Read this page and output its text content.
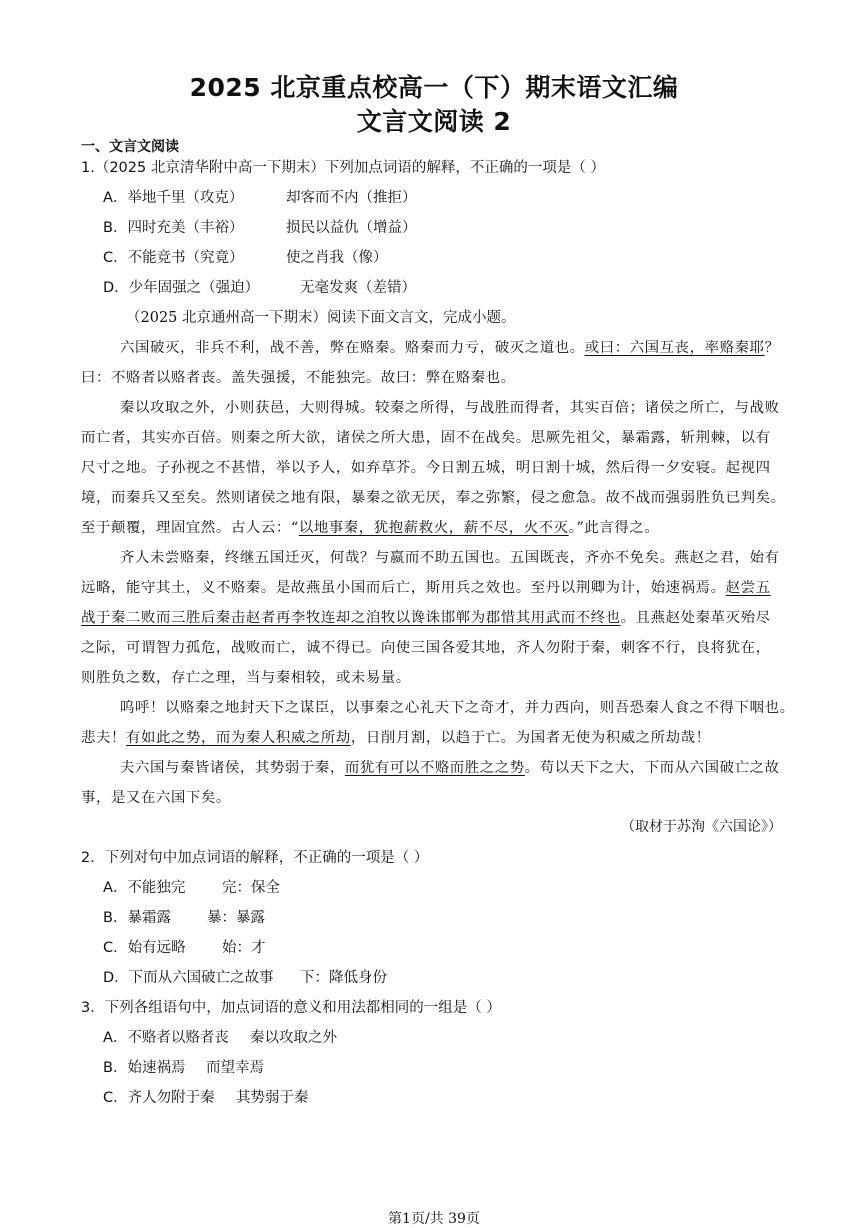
2025 北京重点校高一（下）期末语文汇编
文言文阅读 2
一、文言文阅读
1.（2025 北京清华附中高一下期末）下列加点词语的解释，不正确的一项是（ ）
A．举地千里（攻克）	却客而不内（推拒）
B．四时充美（丰裕）	损民以益仇（增益）
C．不能竞书（究竟）	使之肖我（像）
D．少年固强之（强迫）	无毫发爽（差错）
（2025 北京通州高一下期末）阅读下面文言文，完成小题。
六国破灭，非兵不利，战不善，弊在赂秦。赂秦而力亏，破灭之道也。或曰：六国互丧，率赂秦耶？
曰：不赂者以赂者丧。盖失强援，不能独完。故曰：弊在赂秦也。
秦以攻取之外，小则获邑，大则得城。较秦之所得，与战胜而得者，其实百倍；诸侯之所亡，与战败
而亡者，其实亦百倍。则秦之所大欲，诸侯之所大患，固不在战矣。思厥先祖父，暴霜露，斩荆棘，以有
尺寸之地。子孙视之不甚惜，举以予人，如弃草芥。今日割五城，明日割十城，然后得一夕安寝。起视四
境，而秦兵又至矣。然则诸侯之地有限，暴秦之欲无厌，奉之弥繁，侵之愈急。故不战而强弱胜负已判矣。
至于颠覆，理固宜然。古人云：“以地事秦，犹抱薪救火，薪不尽，火不灭。”此言得之。
齐人未尝赂秦，终继五国迁灭，何哉？与嬴而不助五国也。五国既丧，齐亦不免矣。燕赵之君，始有
远略，能守其土，义不赂秦。是故燕虽小国而后亡，斯用兵之效也。至丹以荆卿为计，始速祸焉。赵尝五
战于秦二败而三胜后秦击赵者再李牧连却之洎牧以谗诛邯郸为郡惜其用武而不终也。且燕赵处秦革灭殆尽
之际，可谓智力孤危，战败而亡，诚不得已。向使三国各爱其地，齐人勿附于秦，刺客不行，良将犹在，
则胜负之数，存亡之理，当与秦相较，或未易量。
呜呼！以赂秦之地封天下之谋臣，以事秦之心礼天下之奇才，并力西向，则吾恐秦人食之不得下咽也。
悲夫！有如此之势，而为秦人积威之所劫，日削月割，以趋于亡。为国者无使为积威之所劫哉！
夫六国与秦皆诸侯，其势弱于秦，而犹有可以不赂而胜之之势。苟以天下之大，下而从六国破亡之故
事，是又在六国下矣。
（取材于苏洵《六国论》）
2．下列对句中加点词语的解释，不正确的一项是（ ）
A．不能独完	完：保全
B．暴霜露 暴：暴露
C．始有远略	始：才
D．下而从六国破亡之故事 下：降低身份
3．下列各组语句中，加点词语的意义和用法都相同的一组是（ ）
A．不赂者以赂者丧 秦以攻取之外
B．始速祸焉 而望幸焉
C．齐人勿附于秦 其势弱于秦
第1页/共 39页
